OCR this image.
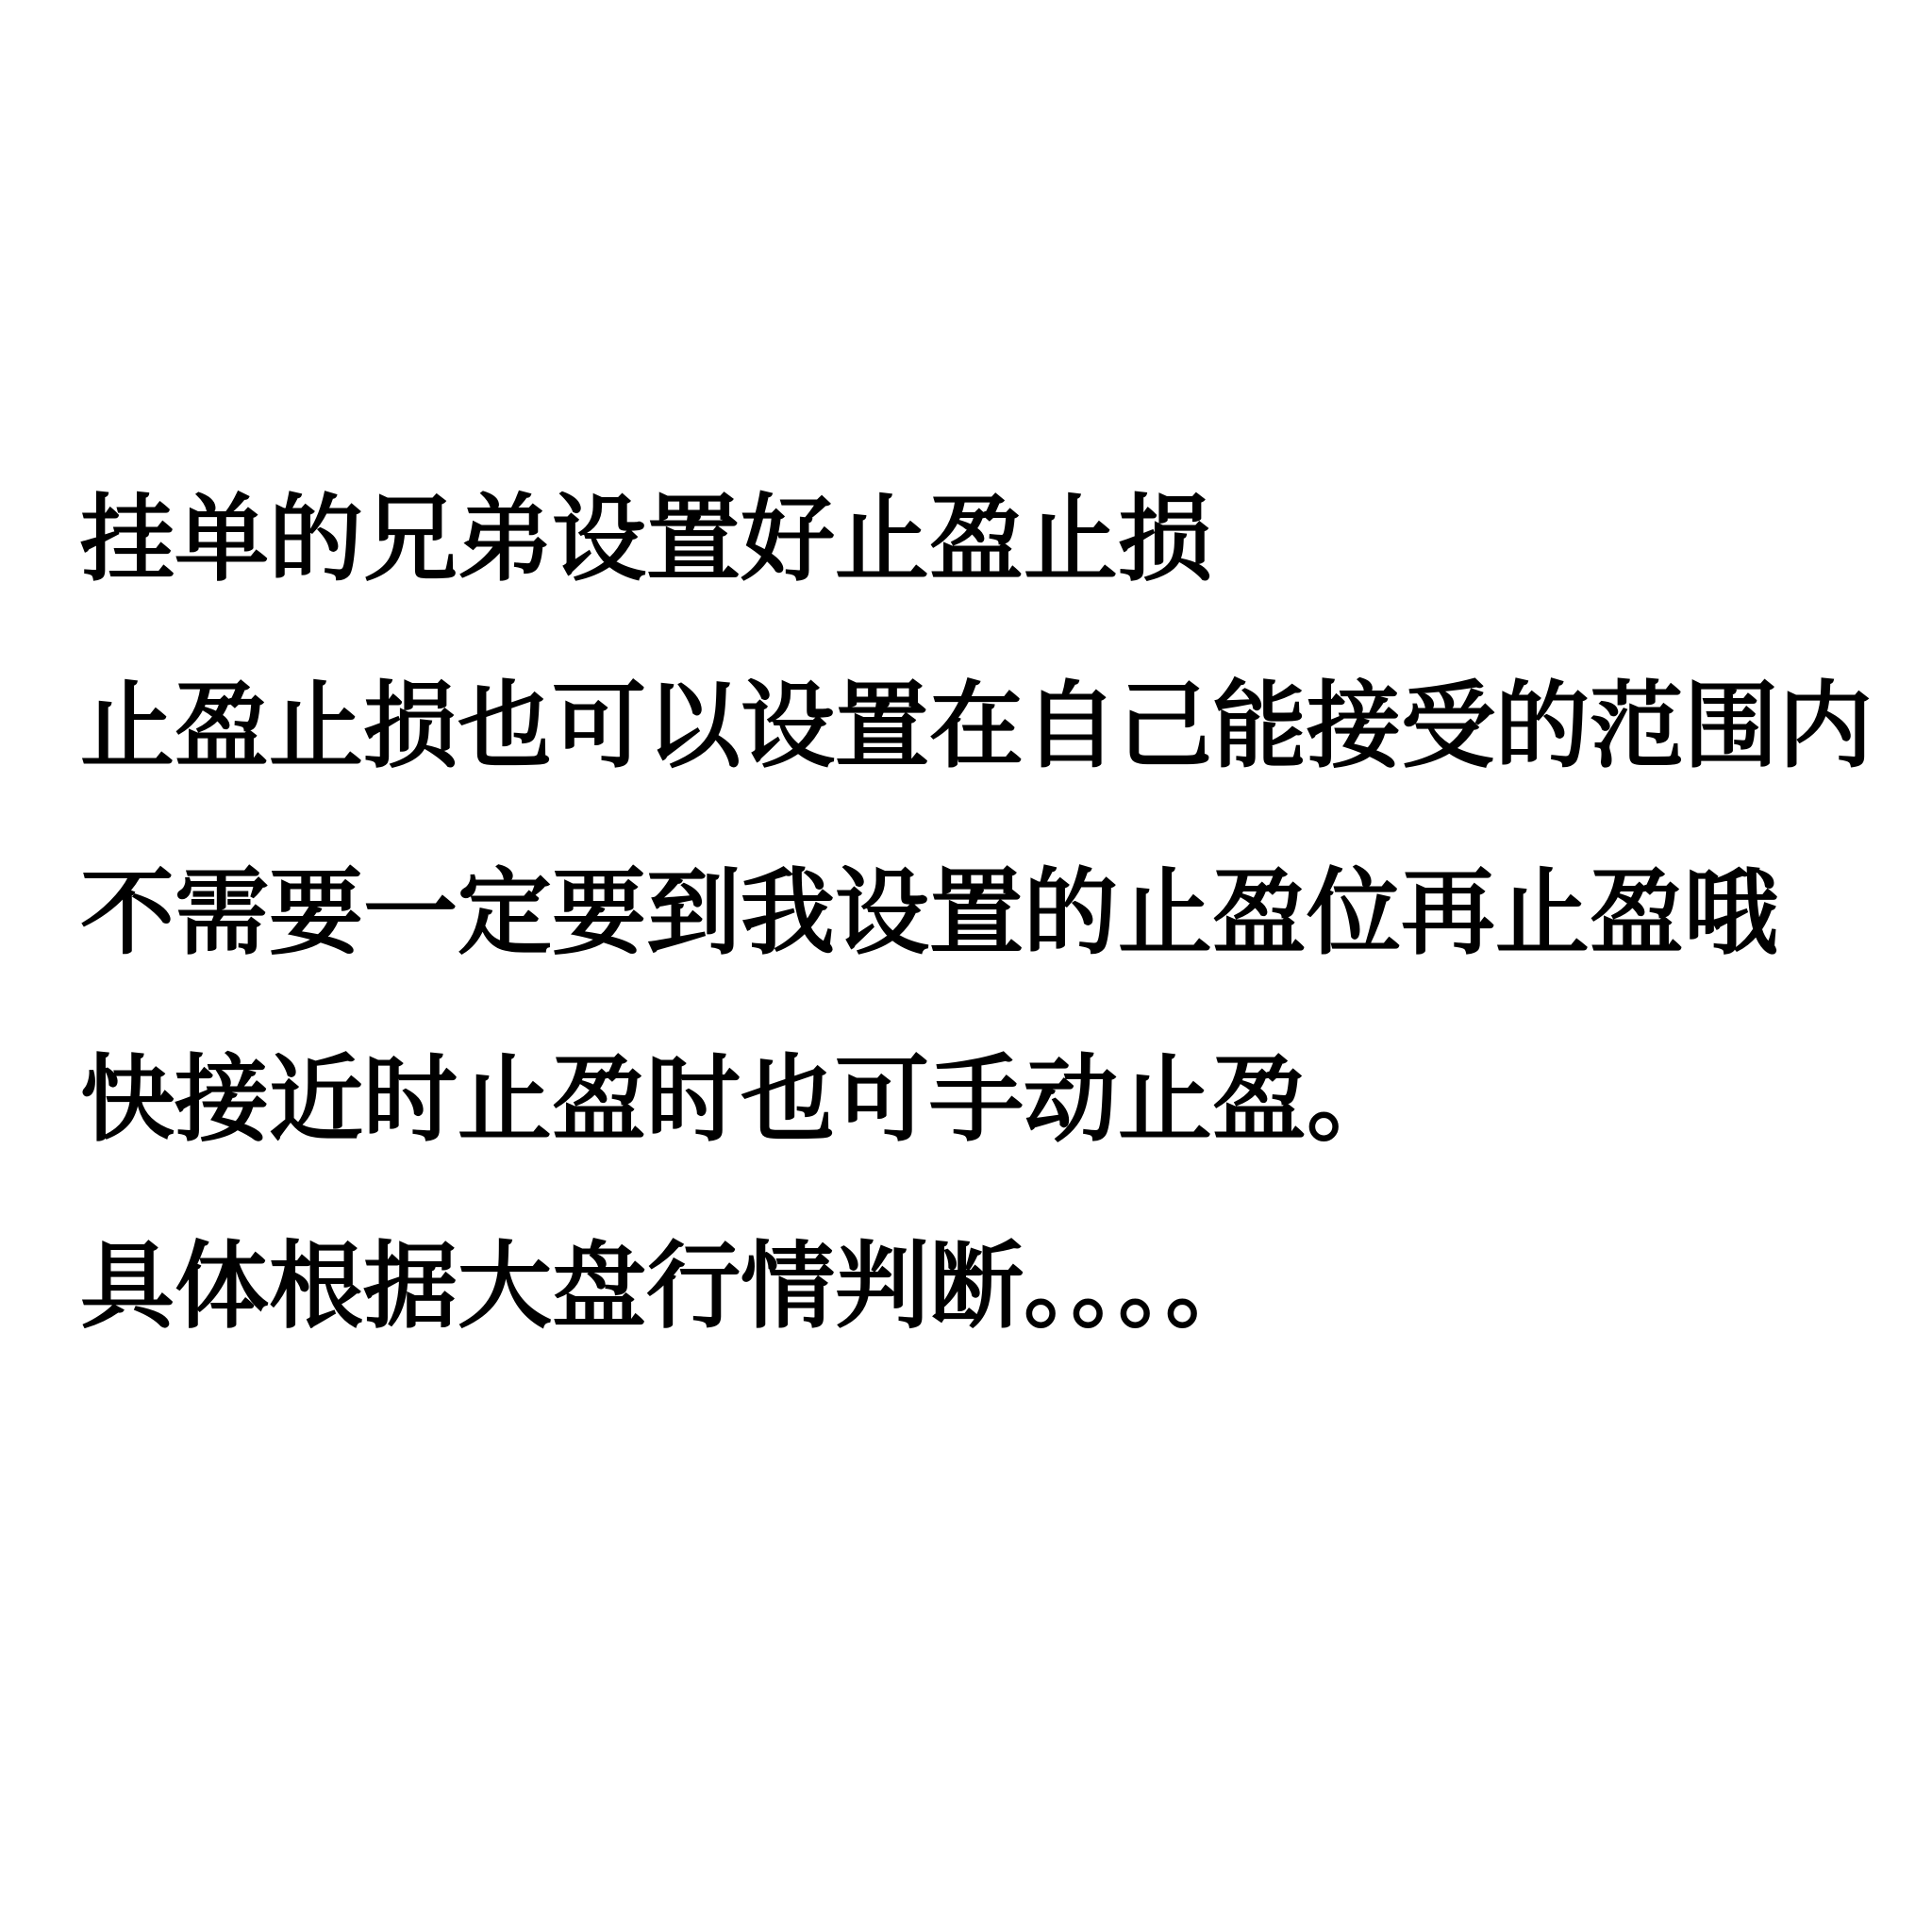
挂单的兄弟设置好止盈止损

止盈止损也可以设置在自己能接受的范围内

不需要一定要到我设置的止盈位再止盈哦

快接近时止盈时也可手动止盈。

具体根据大盘行情判断。。。。
